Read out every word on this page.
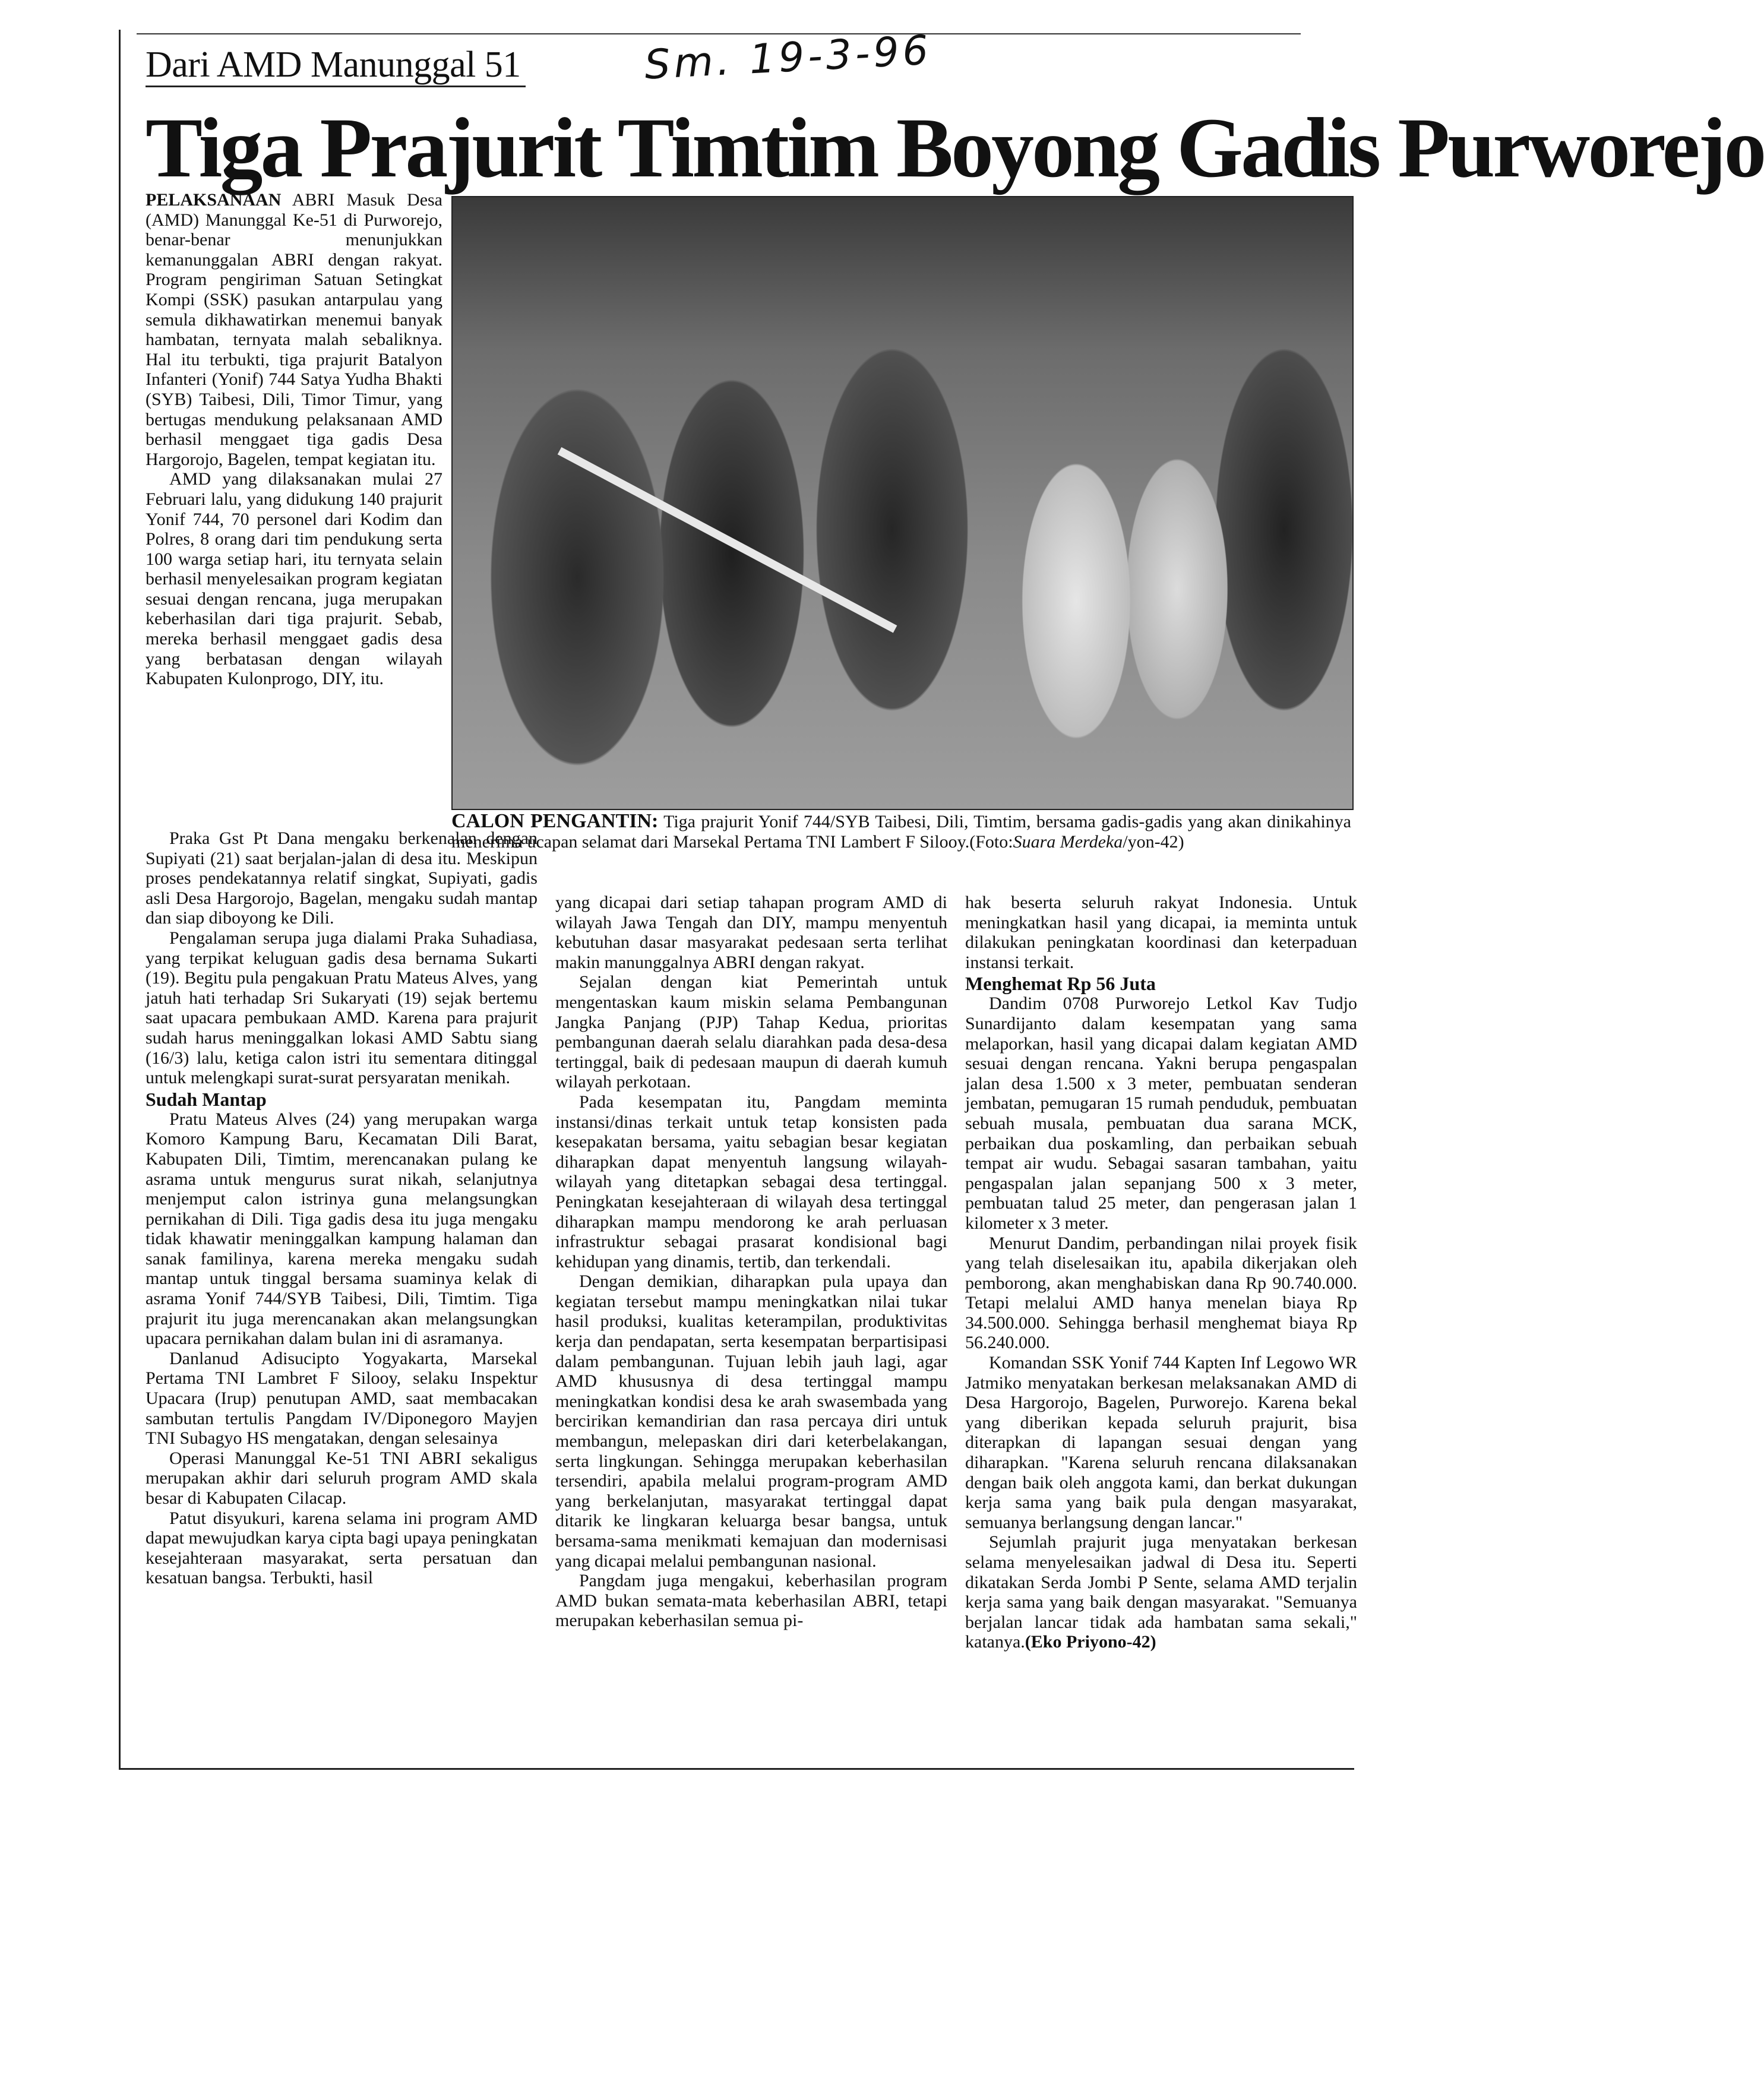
Dari AMD Manunggal 51	Sm. 19-3-96
Tiga Prajurit Timtim Boyong Gadis Purworejo

PELAKSANAAN ABRI Masuk Desa (AMD) Manunggal Ke-51 di Purworejo, benar-benar menunjukkan kemanunggalan ABRI dengan rakyat. Program pengiriman Satuan Setingkat Kompi (SSK) pasukan antarpulau yang semula dikhawatirkan menemui banyak hambatan, ternyata malah sebaliknya. Hal itu terbukti, tiga prajurit Batalyon Infanteri (Yonif) 744 Satya Yudha Bhakti (SYB) Taibesi, Dili, Timor Timur, yang bertugas mendukung pelaksanaan AMD berhasil menggaet tiga gadis Desa Hargorojo, Bagelen, tempat kegiatan itu.

AMD yang dilaksanakan mulai 27 Februari lalu, yang didukung 140 prajurit Yonif 744, 70 personel dari Kodim dan Polres, 8 orang dari tim pendukung serta 100 warga setiap hari, itu ternyata selain berhasil menyelesaikan program kegiatan sesuai dengan rencana, juga merupakan keberhasilan dari tiga prajurit. Sebab, mereka berhasil menggaet gadis desa yang berbatasan dengan wilayah Kabupaten Kulonprogo, DIY, itu.

CALON PENGANTIN: Tiga prajurit Yonif 744/SYB Taibesi, Dili, Timtim, bersama gadis-gadis yang akan dinikahinya menerima ucapan selamat dari Marsekal Pertama TNI Lambert F Silooy.(Foto:Suara Merdeka/yon-42)

Praka Gst Pt Dana mengaku berkenalan dengan Supiyati (21) saat berjalan-jalan di desa itu. Meskipun proses pendekatannya relatif singkat, Supiyati, gadis asli Desa Hargorojo, Bagelan, mengaku sudah mantap dan siap diboyong ke Dili.

Pengalaman serupa juga dialami Praka Suhadiasa, yang terpikat keluguan gadis desa bernama Sukarti (19). Begitu pula pengakuan Pratu Mateus Alves, yang jatuh hati terhadap Sri Sukaryati (19) sejak bertemu saat upacara pembukaan AMD. Karena para prajurit sudah harus meninggalkan lokasi AMD Sabtu siang (16/3) lalu, ketiga calon istri itu sementara ditinggal untuk melengkapi surat-surat persyaratan menikah.

Sudah Mantap

Pratu Mateus Alves (24) yang merupakan warga Komoro Kampung Baru, Kecamatan Dili Barat, Kabupaten Dili, Timtim, merencanakan pulang ke asrama untuk mengurus surat nikah, selanjutnya menjemput calon istrinya guna melangsungkan pernikahan di Dili. Tiga gadis desa itu juga mengaku tidak khawatir meninggalkan kampung halaman dan sanak familinya, karena mereka mengaku sudah mantap untuk tinggal bersama suaminya kelak di asrama Yonif 744/SYB Taibesi, Dili, Timtim. Tiga prajurit itu juga merencanakan akan melangsungkan upacara pernikahan dalam bulan ini di asramanya.

Danlanud Adisucipto Yogyakarta, Marsekal Pertama TNI Lambret F Silooy, selaku Inspektur Upacara (Irup) penutupan AMD, saat membacakan sambutan tertulis Pangdam IV/Diponegoro Mayjen TNI Subagyo HS mengatakan, dengan selesainya

Operasi Manunggal Ke-51 TNI ABRI sekaligus merupakan akhir dari seluruh program AMD skala besar di Kabupaten Cilacap.

Patut disyukuri, karena selama ini program AMD dapat mewujudkan karya cipta bagi upaya peningkatan kesejahteraan masyarakat, serta persatuan dan kesatuan bangsa. Terbukti, hasil

yang dicapai dari setiap tahapan program AMD di wilayah Jawa Tengah dan DIY, mampu menyentuh kebutuhan dasar masyarakat pedesaan serta terlihat makin manunggalnya ABRI dengan rakyat.

Sejalan dengan kiat Pemerintah untuk mengentaskan kaum miskin selama Pembangunan Jangka Panjang (PJP) Tahap Kedua, prioritas pembangunan daerah selalu diarahkan pada desa-desa tertinggal, baik di pedesaan maupun di daerah kumuh wilayah perkotaan.

Pada kesempatan itu, Pangdam meminta instansi/dinas terkait untuk tetap konsisten pada kesepakatan bersama, yaitu sebagian besar kegiatan diharapkan dapat menyentuh langsung wilayah-wilayah yang ditetapkan sebagai desa tertinggal. Peningkatan kesejahteraan di wilayah desa tertinggal diharapkan mampu mendorong ke arah perluasan infrastruktur sebagai prasarat kondisional bagi kehidupan yang dinamis, tertib, dan terkendali.

Dengan demikian, diharapkan pula upaya dan kegiatan tersebut mampu meningkatkan nilai tukar hasil produksi, kualitas keterampilan, produktivitas kerja dan pendapatan, serta kesempatan berpartisipasi dalam pembangunan. Tujuan lebih jauh lagi, agar AMD khususnya di desa tertinggal mampu meningkatkan kondisi desa ke arah swasembada yang bercirikan kemandirian dan rasa percaya diri untuk membangun, melepaskan diri dari keterbelakangan, serta lingkungan. Sehingga merupakan keberhasilan tersendiri, apabila melalui program-program AMD yang berkelanjutan, masyarakat tertinggal dapat ditarik ke lingkaran keluarga besar bangsa, untuk bersama-sama menikmati kemajuan dan modernisasi yang dicapai melalui pembangunan nasional.

Pangdam juga mengakui, keberhasilan program AMD bukan semata-mata keberhasilan ABRI, tetapi merupakan keberhasilan semua pi-

hak beserta seluruh rakyat Indonesia. Untuk meningkatkan hasil yang dicapai, ia meminta untuk dilakukan peningkatan koordinasi dan keterpaduan instansi terkait.

Menghemat Rp 56 Juta

Dandim 0708 Purworejo Letkol Kav Tudjo Sunardijanto dalam kesempatan yang sama melaporkan, hasil yang dicapai dalam kegiatan AMD sesuai dengan rencana. Yakni berupa pengaspalan jalan desa 1.500 x 3 meter, pembuatan senderan jembatan, pemugaran 15 rumah penduduk, pembuatan sebuah musala, pembuatan dua sarana MCK, perbaikan dua poskamling, dan perbaikan sebuah tempat air wudu. Sebagai sasaran tambahan, yaitu pengaspalan jalan sepanjang 500 x 3 meter, pembuatan talud 25 meter, dan pengerasan jalan 1 kilometer x 3 meter.

Menurut Dandim, perbandingan nilai proyek fisik yang telah diselesaikan itu, apabila dikerjakan oleh pemborong, akan menghabiskan dana Rp 90.740.000. Tetapi melalui AMD hanya menelan biaya Rp 34.500.000. Sehingga berhasil menghemat biaya Rp 56.240.000.

Komandan SSK Yonif 744 Kapten Inf Legowo WR Jatmiko menyatakan berkesan melaksanakan AMD di Desa Hargorojo, Bagelen, Purworejo. Karena bekal yang diberikan kepada seluruh prajurit, bisa diterapkan di lapangan sesuai dengan yang diharapkan. "Karena seluruh rencana dilaksanakan dengan baik oleh anggota kami, dan berkat dukungan kerja sama yang baik pula dengan masyarakat, semuanya berlangsung dengan lancar."

Sejumlah prajurit juga menyatakan berkesan selama menyelesaikan jadwal di Desa itu. Seperti dikatakan Serda Jombi P Sente, selama AMD terjalin kerja sama yang baik dengan masyarakat. "Semuanya berjalan lancar tidak ada hambatan sama sekali," katanya.(Eko Priyono-42)
